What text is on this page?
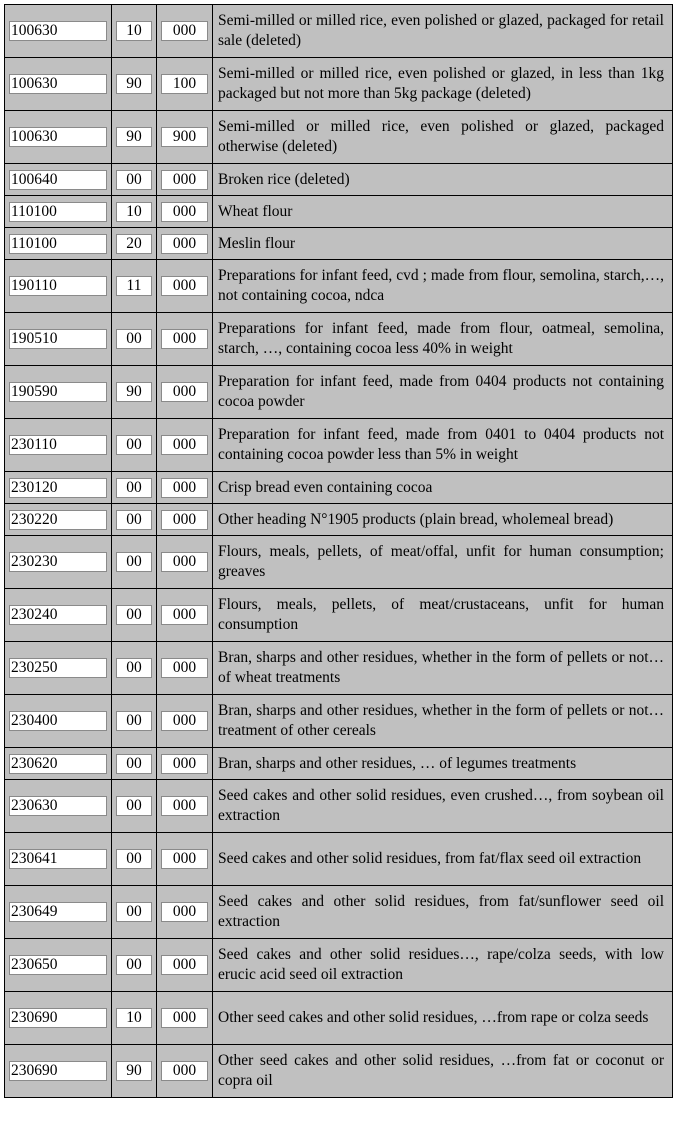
100630	10	000	Semi-milled or milled rice, even polished or glazed, packaged for retail sale (deleted)

100630	90	100	Semi-milled or milled rice, even polished or glazed, in less than 1kg packaged but not more than 5kg package (deleted)

100630	90	900	Semi-milled or milled rice, even polished or glazed, packaged otherwise (deleted)

100640	00	000	Broken rice (deleted)

110100	10	000	Wheat flour

110100	20	000	Meslin flour

190110	11	000	Preparations for infant feed, cvd ; made from flour, semolina, starch,…, not containing cocoa, ndca

190510	00	000	Preparations for infant feed, made from flour, oatmeal, semolina, starch, …, containing cocoa less 40% in weight

190590	90	000	Preparation for infant feed, made from 0404 products not containing cocoa powder

230110	00	000	Preparation for infant feed, made from 0401 to 0404 products not containing cocoa powder less than 5% in weight

230120	00	000	Crisp bread even containing cocoa

230220	00	000	Other heading N°1905 products (plain bread, wholemeal bread)

230230	00	000	Flours, meals, pellets, of meat/offal, unfit for human consumption; greaves

230240	00	000	Flours, meals, pellets, of meat/crustaceans, unfit for human consumption

230250	00	000	Bran, sharps and other residues, whether in the form of pellets or not…of wheat treatments

230400	00	000	Bran, sharps and other residues, whether in the form of pellets or not… treatment of other cereals

230620	00	000	Bran, sharps and other residues, … of legumes treatments

230630	00	000	Seed cakes and other solid residues, even crushed…, from soybean oil extraction

230641	00	000	Seed cakes and other solid residues, from fat/flax seed oil extraction

230649	00	000	Seed cakes and other solid residues, from fat/sunflower seed oil extraction

230650	00	000	Seed cakes and other solid residues…, rape/colza seeds, with low erucic acid seed oil extraction

230690	10	000	Other seed cakes and other solid residues, …from rape or colza seeds

230690	90	000	Other seed cakes and other solid residues, …from fat or coconut or copra oil
